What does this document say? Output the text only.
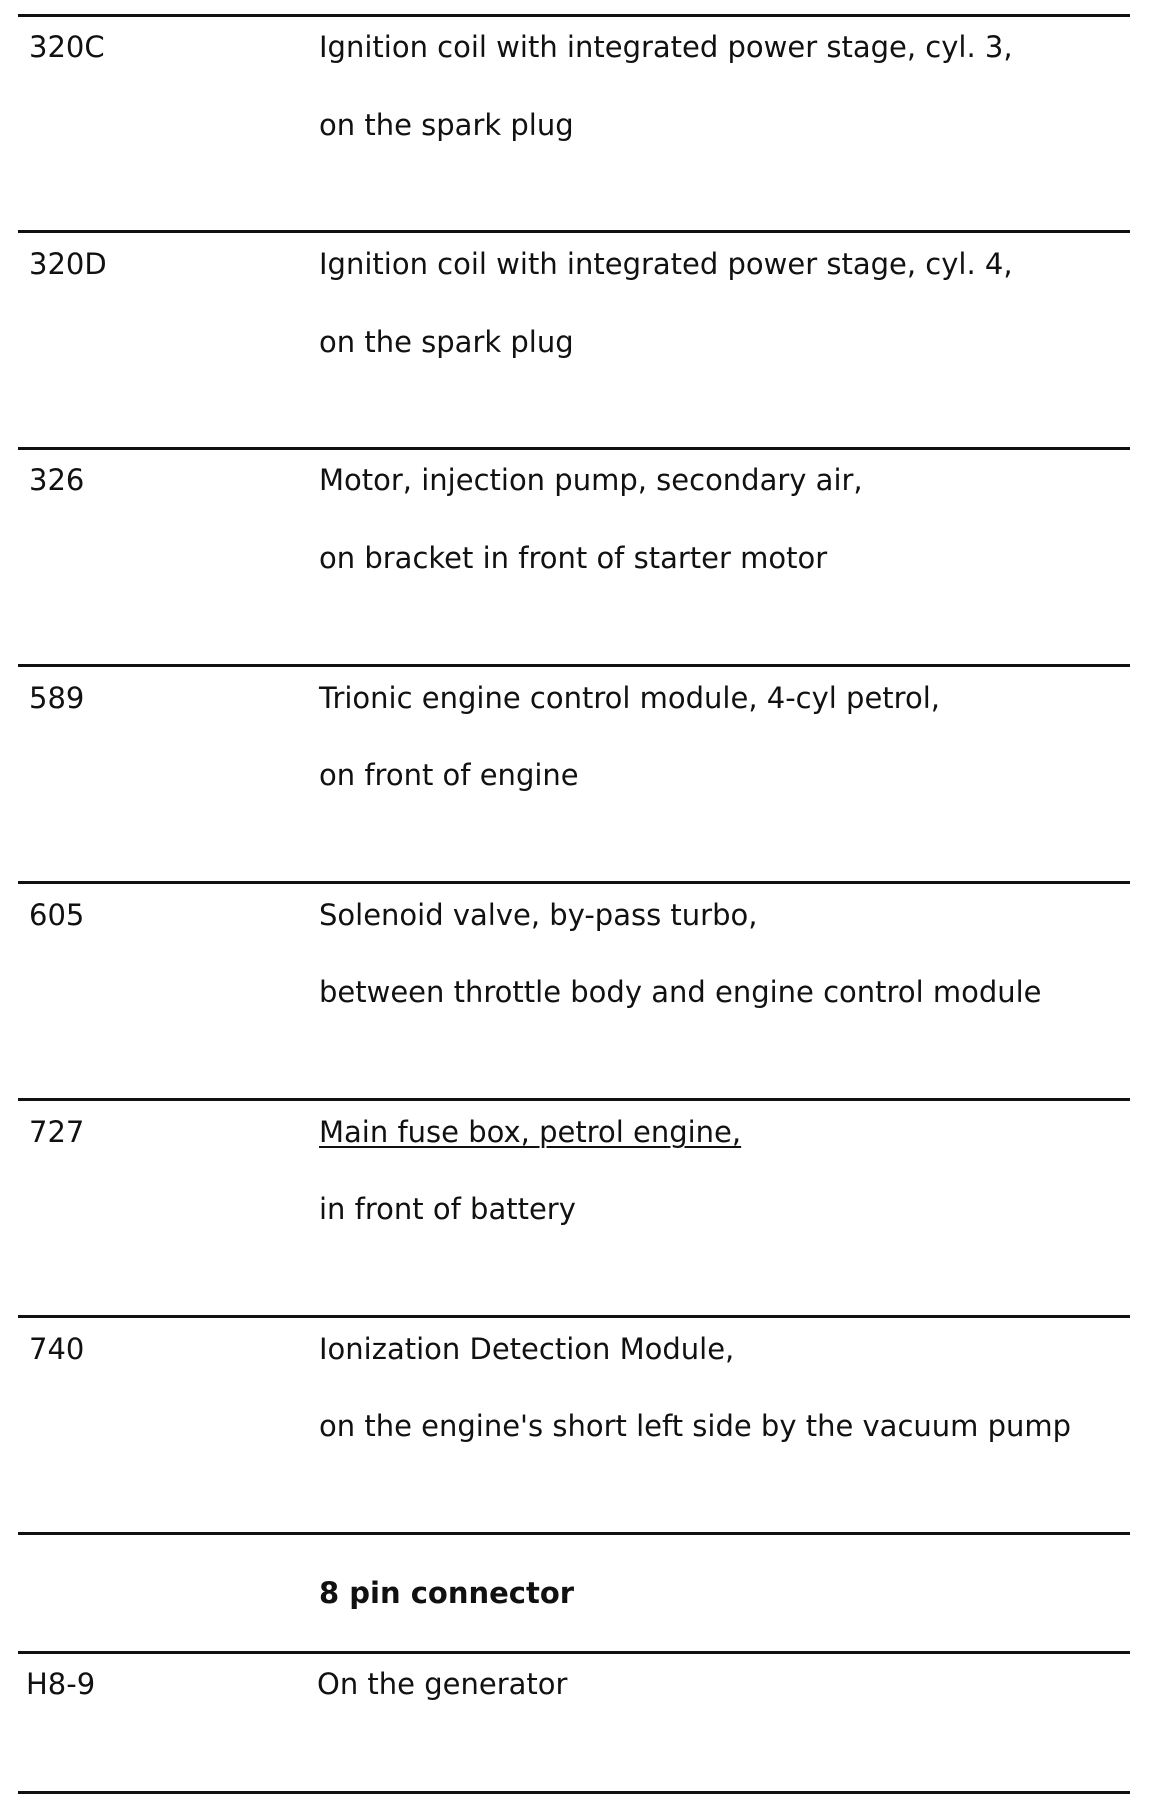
320C	Ignition coil with integrated power stage, cyl. 3,
on the spark plug
320D	Ignition coil with integrated power stage, cyl. 4,
on the spark plug
326	Motor, injection pump, secondary air,
on bracket in front of starter motor
589	Trionic engine control module, 4-cyl petrol,
on front of engine
605	Solenoid valve, by-pass turbo,
between throttle body and engine control module
727	Main fuse box, petrol engine,
in front of battery
740	Ionization Detection Module,
on the engine's short left side by the vacuum pump
8 pin connector
H8-9	On the generator
